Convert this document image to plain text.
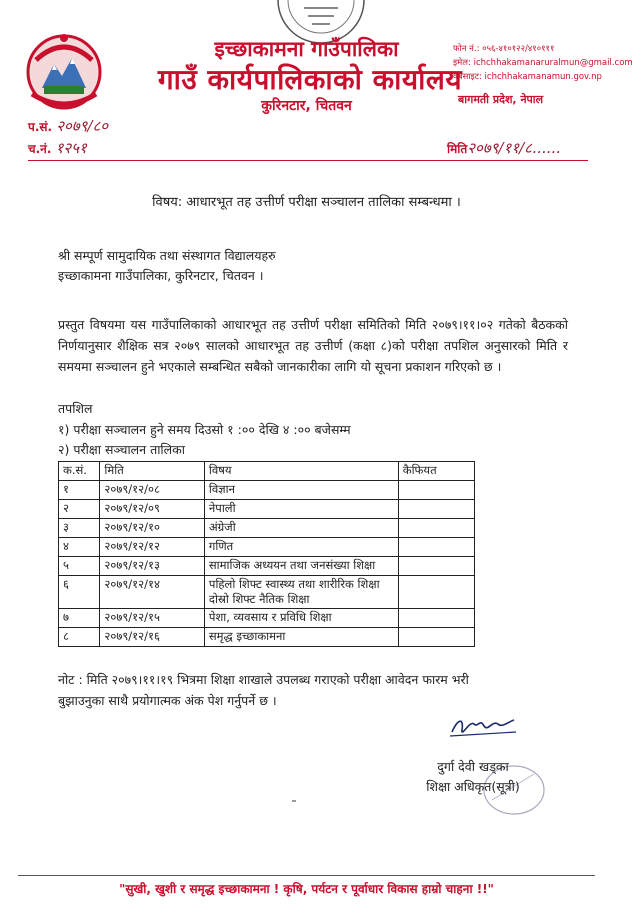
इच्छाकामना गाउँपालिका
गाउँ कार्यपालिकाको कार्यालय
कुरिनटार, चितवन
फोन नं.: ०५६-४१०१२२/४१०१११
इमेल: ichchhakamanaruralmun@gmail.com
वेबसाइट: ichchhakamanamun.gov.np
बागमती प्रदेश, नेपाल
प.सं. २०७९/८०
च.नं. १२५१	मिति२०७९/११/८......
विषय: आधारभूत तह उत्तीर्ण परीक्षा सञ्चालन तालिका सम्बन्धमा ।
श्री सम्पूर्ण सामुदायिक तथा संस्थागत विद्यालयहरु
इच्छाकामना गाउँपालिका, कुरिनटार, चितवन ।
प्रस्तुत विषयमा यस गाउँपालिकाको आधारभूत तह उत्तीर्ण परीक्षा समितिको मिति २०७९।११।०२ गतेको बैठकको निर्णयानुसार शैक्षिक सत्र २०७९ सालको आधारभूत तह उत्तीर्ण (कक्षा ८)को परीक्षा तपशिल अनुसारको मिति र समयमा सञ्चालन हुने भएकाले सम्बन्धित सबैको जानकारीका लागि यो सूचना प्रकाशन गरिएको छ ।
तपशिल
१) परीक्षा सञ्चालन हुने समय दिउसो १ :०० देखि ४ :०० बजेसम्म
२) परीक्षा सञ्चालन तालिका
क.सं.	मिति	विषय	कैफियत
१	२०७९/१२/०८	विज्ञान	
२	२०७९/१२/०९	नेपाली	
३	२०७९/१२/१०	अंग्रेजी	
४	२०७९/१२/१२	गणित	
५	२०७९/१२/१३	सामाजिक अध्ययन तथा जनसंख्या शिक्षा	
६	२०७९/१२/१४	पहिलो शिफ्ट स्वास्थ्य तथा शारीरिक शिक्षा
दोस्रो शिफ्ट नैतिक शिक्षा	

७	२०७९/१२/१५	पेशा, व्यवसाय र प्रविधि शिक्षा	
८	२०७९/१२/१६	समृद्ध इच्छाकामना	
नोट : मिति २०७९।११।१९ भित्रमा शिक्षा शाखाले उपलब्ध गराएको परीक्षा आवेदन फारम भरी
बुझाउनुका साथै प्रयोगात्मक अंक पेश गर्नुपर्ने छ ।
दुर्गा देवी खड्का
शिक्षा अधिकृत(सूत्री)
"सुखी, खुशी र समृद्ध इच्छाकामना ! कृषि, पर्यटन र पूर्वाधार विकास हाम्रो चाहना !!"
